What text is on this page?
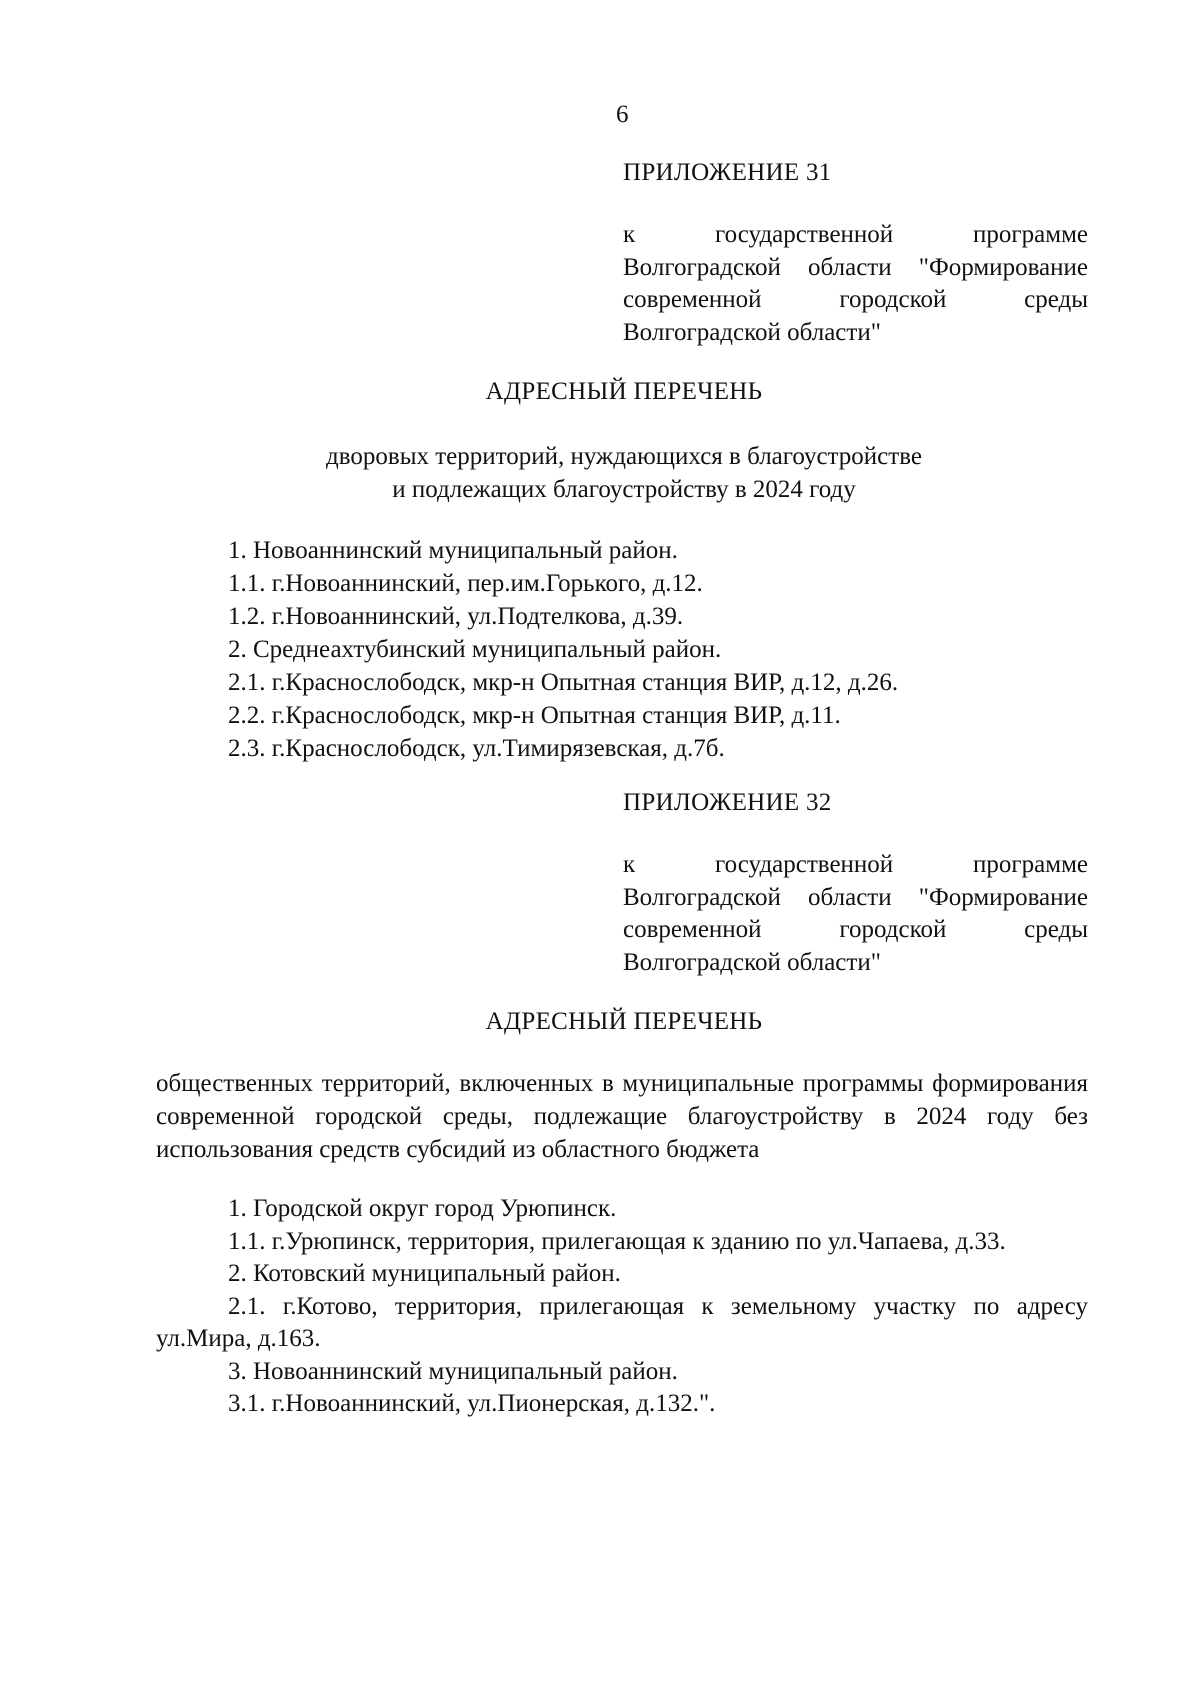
6
ПРИЛОЖЕНИЕ 31
к государственной программе Волгоградской области "Формирование современной городской среды Волгоградской области"
АДРЕСНЫЙ ПЕРЕЧЕНЬ
дворовых территорий, нуждающихся в благоустройстве
и подлежащих благоустройству в 2024 году
1. Новоаннинский муниципальный район.
1.1. г.Новоаннинский, пер.им.Горького, д.12.
1.2. г.Новоаннинский, ул.Подтелкова, д.39.
2. Среднеахтубинский муниципальный район.
2.1. г.Краснослободск, мкр-н Опытная станция ВИР, д.12, д.26.
2.2. г.Краснослободск, мкр-н Опытная станция ВИР, д.11.
2.3. г.Краснослободск, ул.Тимирязевская, д.7б.
ПРИЛОЖЕНИЕ 32
к государственной программе Волгоградской области "Формирование современной городской среды Волгоградской области"
АДРЕСНЫЙ ПЕРЕЧЕНЬ
общественных территорий, включенных в муниципальные программы формирования современной городской среды, подлежащие благоустройству в 2024 году без использования средств субсидий из областного бюджета
1. Городской округ город Урюпинск.
1.1. г.Урюпинск, территория, прилегающая к зданию по ул.Чапаева, д.33.
2. Котовский муниципальный район.
2.1. г.Котово, территория, прилегающая к земельному участку по адресу ул.Мира, д.163.
3. Новоаннинский муниципальный район.
3.1. г.Новоаннинский, ул.Пионерская, д.132.".
